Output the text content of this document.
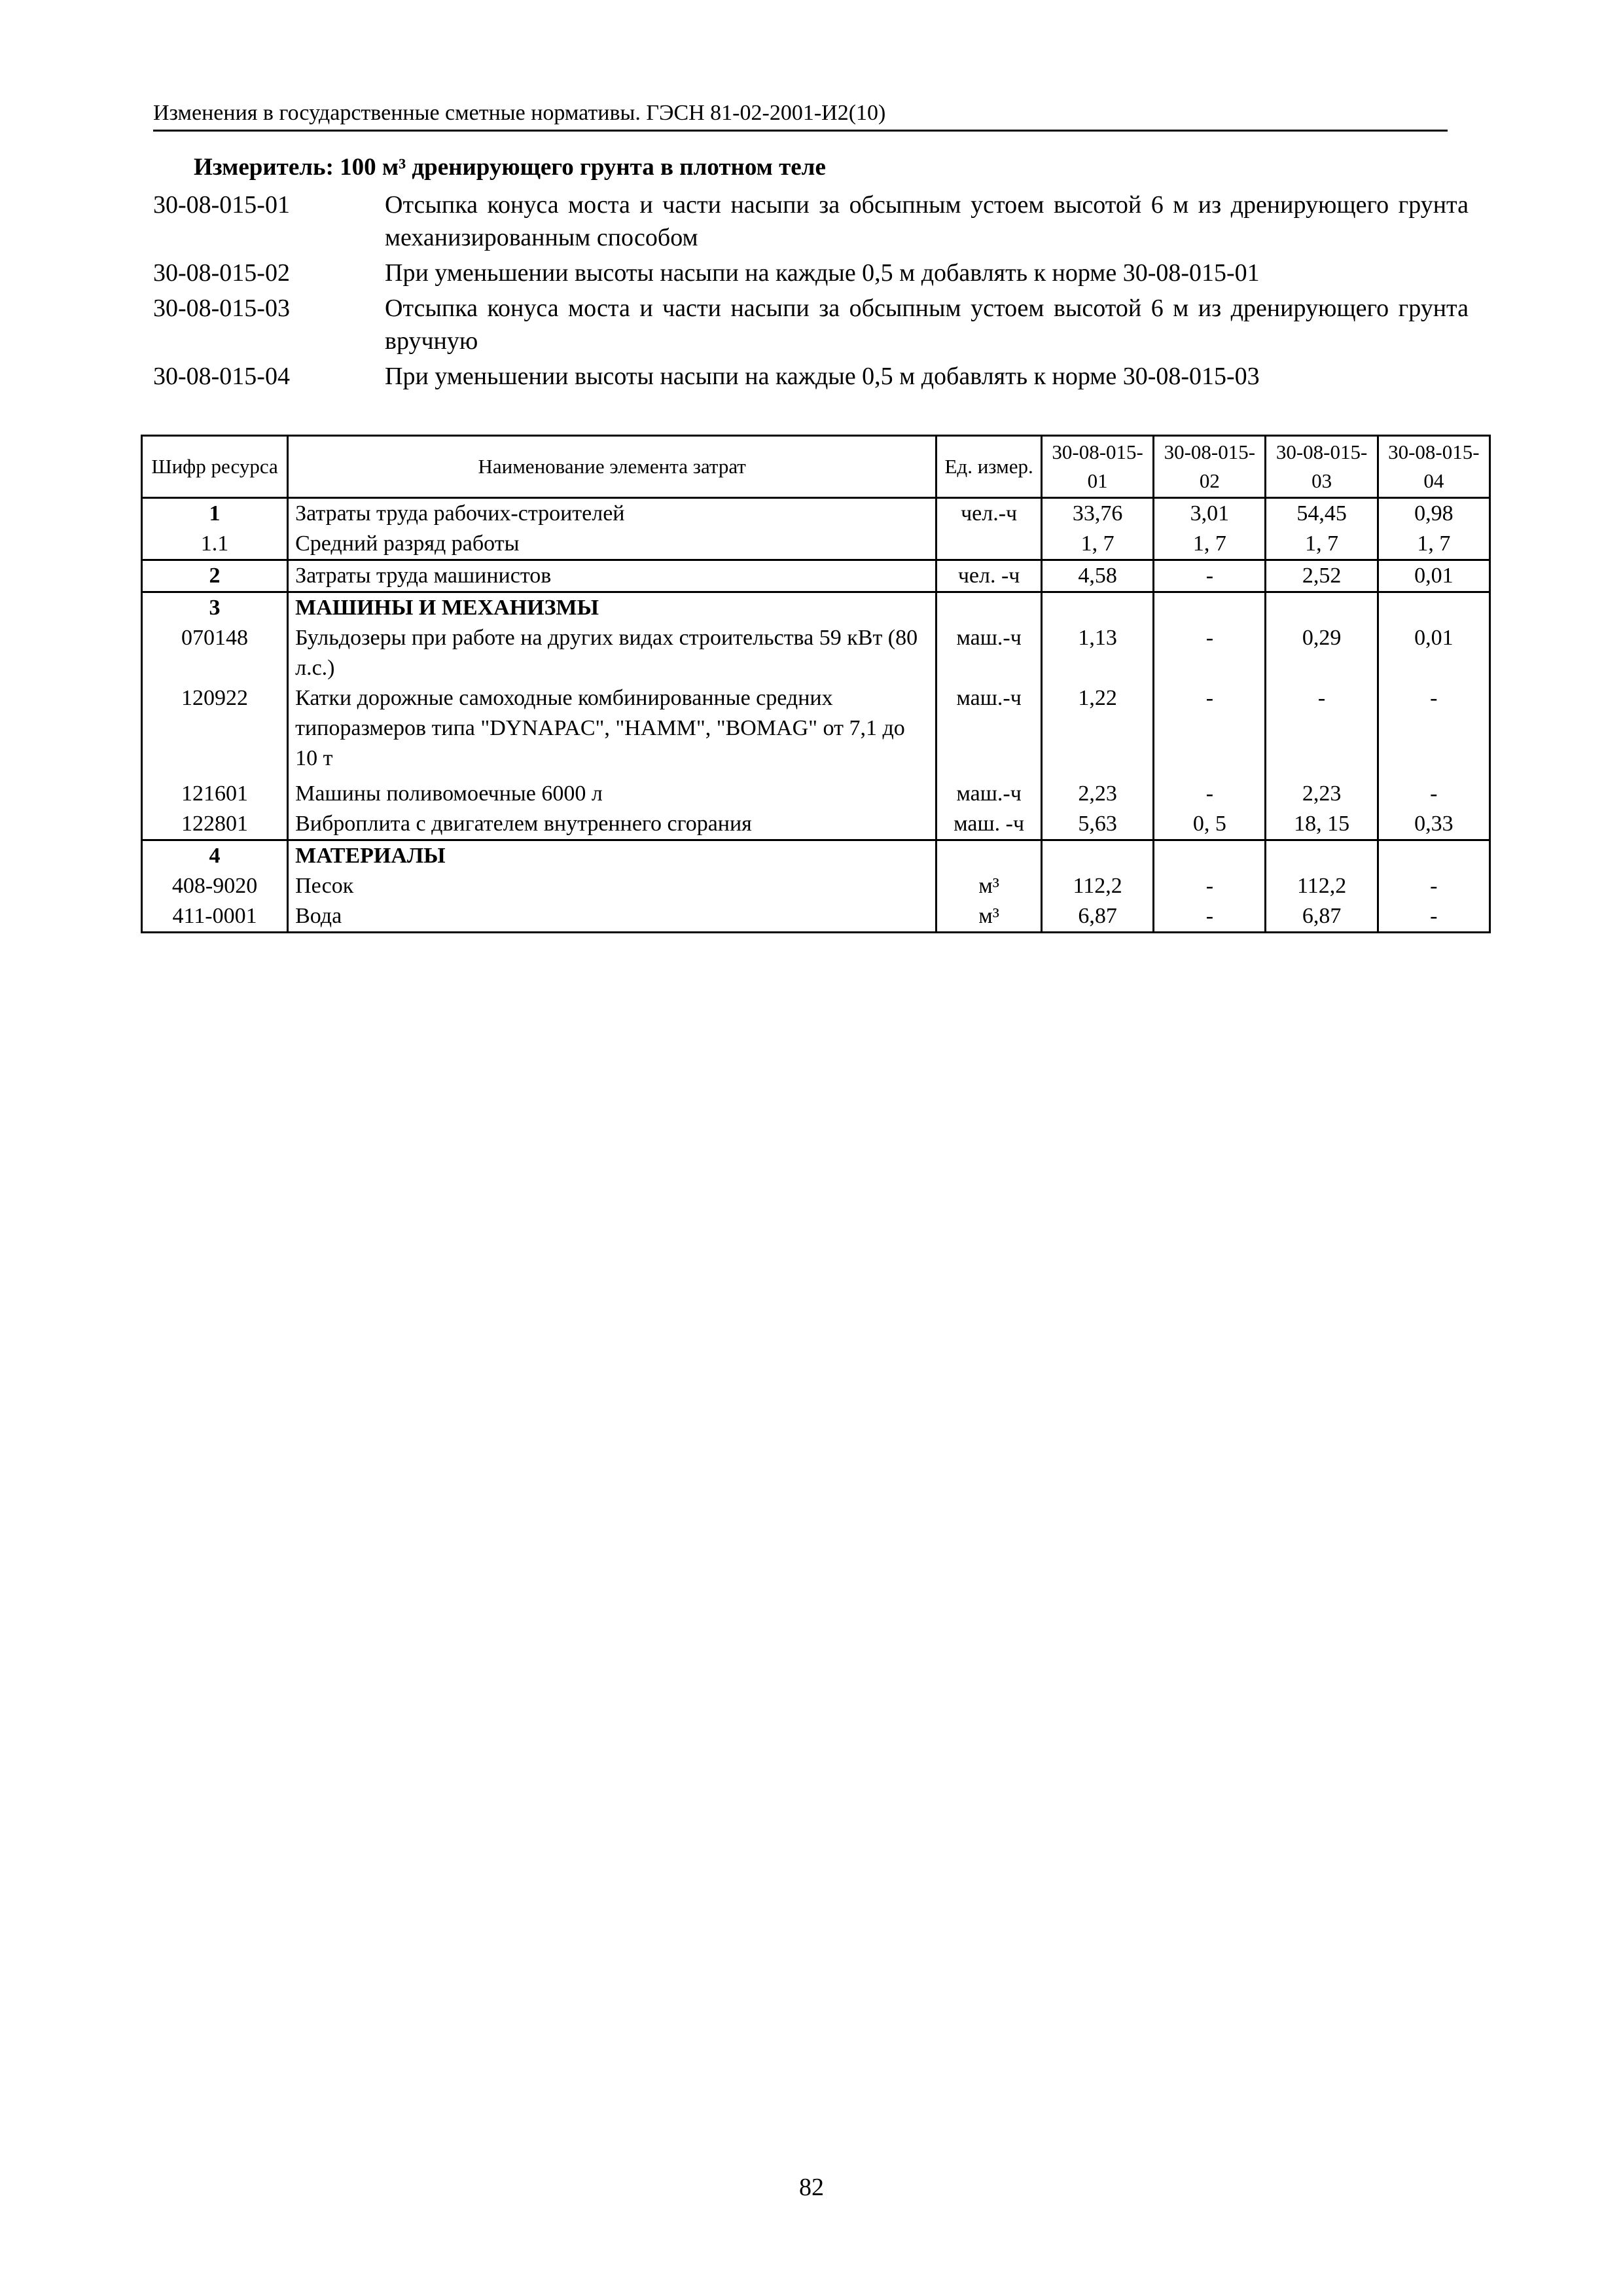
Изменения в государственные сметные нормативы. ГЭСН 81-02-2001-И2(10)
Измеритель: 100 м³ дренирующего грунта в плотном теле
30-08-015-01	Отсыпка конуса моста и части насыпи за обсыпным устоем высотой 6 м из дренирующего грунта механизированным способом
30-08-015-02	При уменьшении высоты насыпи на каждые 0,5 м добавлять к норме 30-08-015-01
30-08-015-03	Отсыпка конуса моста и части насыпи за обсыпным устоем высотой 6 м из дренирующего грунта вручную
30-08-015-04	При уменьшении высоты насыпи на каждые 0,5 м добавлять к норме 30-08-015-03
Шифр ресурса	Наименование элемента затрат	Ед. измер.	30-08-015-01	30-08-015-02	30-08-015-03	30-08-015-04
1	Затраты труда рабочих-строителей	чел.-ч	33,76	3,01	54,45	0,98
1.1	Средний разряд работы		1, 7	1, 7	1, 7	1, 7
2	Затраты труда машинистов	чел. -ч	4,58	-	2,52	0,01
3	МАШИНЫ И МЕХАНИЗМЫ					
070148	Бульдозеры при работе на других видах строительства 59 кВт (80 л.с.)	маш.-ч	1,13	-	0,29	0,01
120922	Катки дорожные самоходные комбинированные средних типоразмеров типа "DYNAPAC", "HAMM", "BOMAG" от 7,1 до 10 т	маш.-ч	1,22	-	-	-
121601	Машины поливомоечные 6000 л	маш.-ч	2,23	-	2,23	-
122801	Виброплита с двигателем внутреннего сгорания	маш. -ч	5,63	0, 5	18, 15	0,33
4	МАТЕРИАЛЫ					
408-9020	Песок	м³	112,2	-	112,2	-
411-0001	Вода	м³	6,87	-	6,87	-
82
